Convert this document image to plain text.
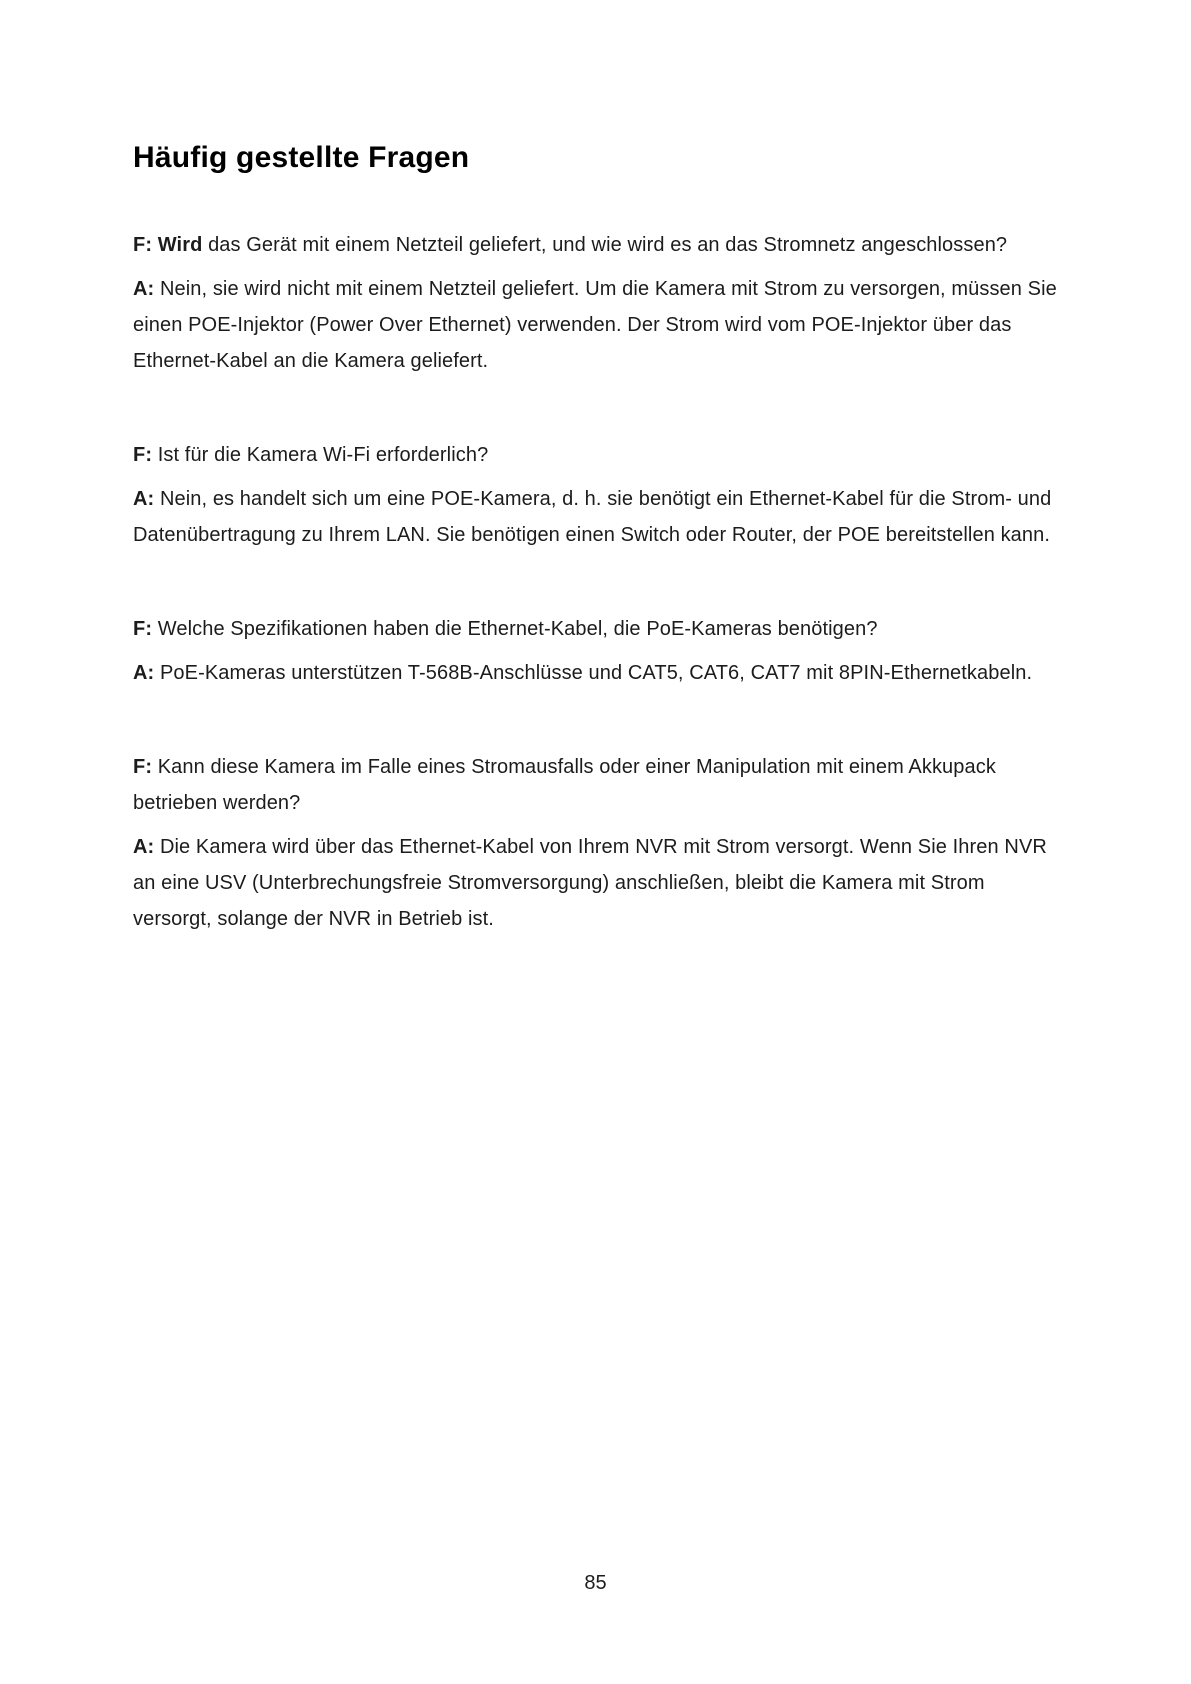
Häufig gestellte Fragen

F: Wird das Gerät mit einem Netzteil geliefert, und wie wird es an das Stromnetz angeschlossen?

A: Nein, sie wird nicht mit einem Netzteil geliefert. Um die Kamera mit Strom zu versorgen, müssen Sie einen POE-Injektor (Power Over Ethernet) verwenden. Der Strom wird vom POE-Injektor über das Ethernet-Kabel an die Kamera geliefert.

F: Ist für die Kamera Wi-Fi erforderlich?

A: Nein, es handelt sich um eine POE-Kamera, d. h. sie benötigt ein Ethernet-Kabel für die Strom- und Datenübertragung zu Ihrem LAN. Sie benötigen einen Switch oder Router, der POE bereitstellen kann.

F: Welche Spezifikationen haben die Ethernet-Kabel, die PoE-Kameras benötigen?

A: PoE-Kameras unterstützen T-568B-Anschlüsse und CAT5, CAT6, CAT7 mit 8PIN-Ethernetkabeln.

F: Kann diese Kamera im Falle eines Stromausfalls oder einer Manipulation mit einem Akkupack betrieben werden?

A: Die Kamera wird über das Ethernet-Kabel von Ihrem NVR mit Strom versorgt. Wenn Sie Ihren NVR an eine USV (Unterbrechungsfreie Stromversorgung) anschließen, bleibt die Kamera mit Strom versorgt, solange der NVR in Betrieb ist.

85
